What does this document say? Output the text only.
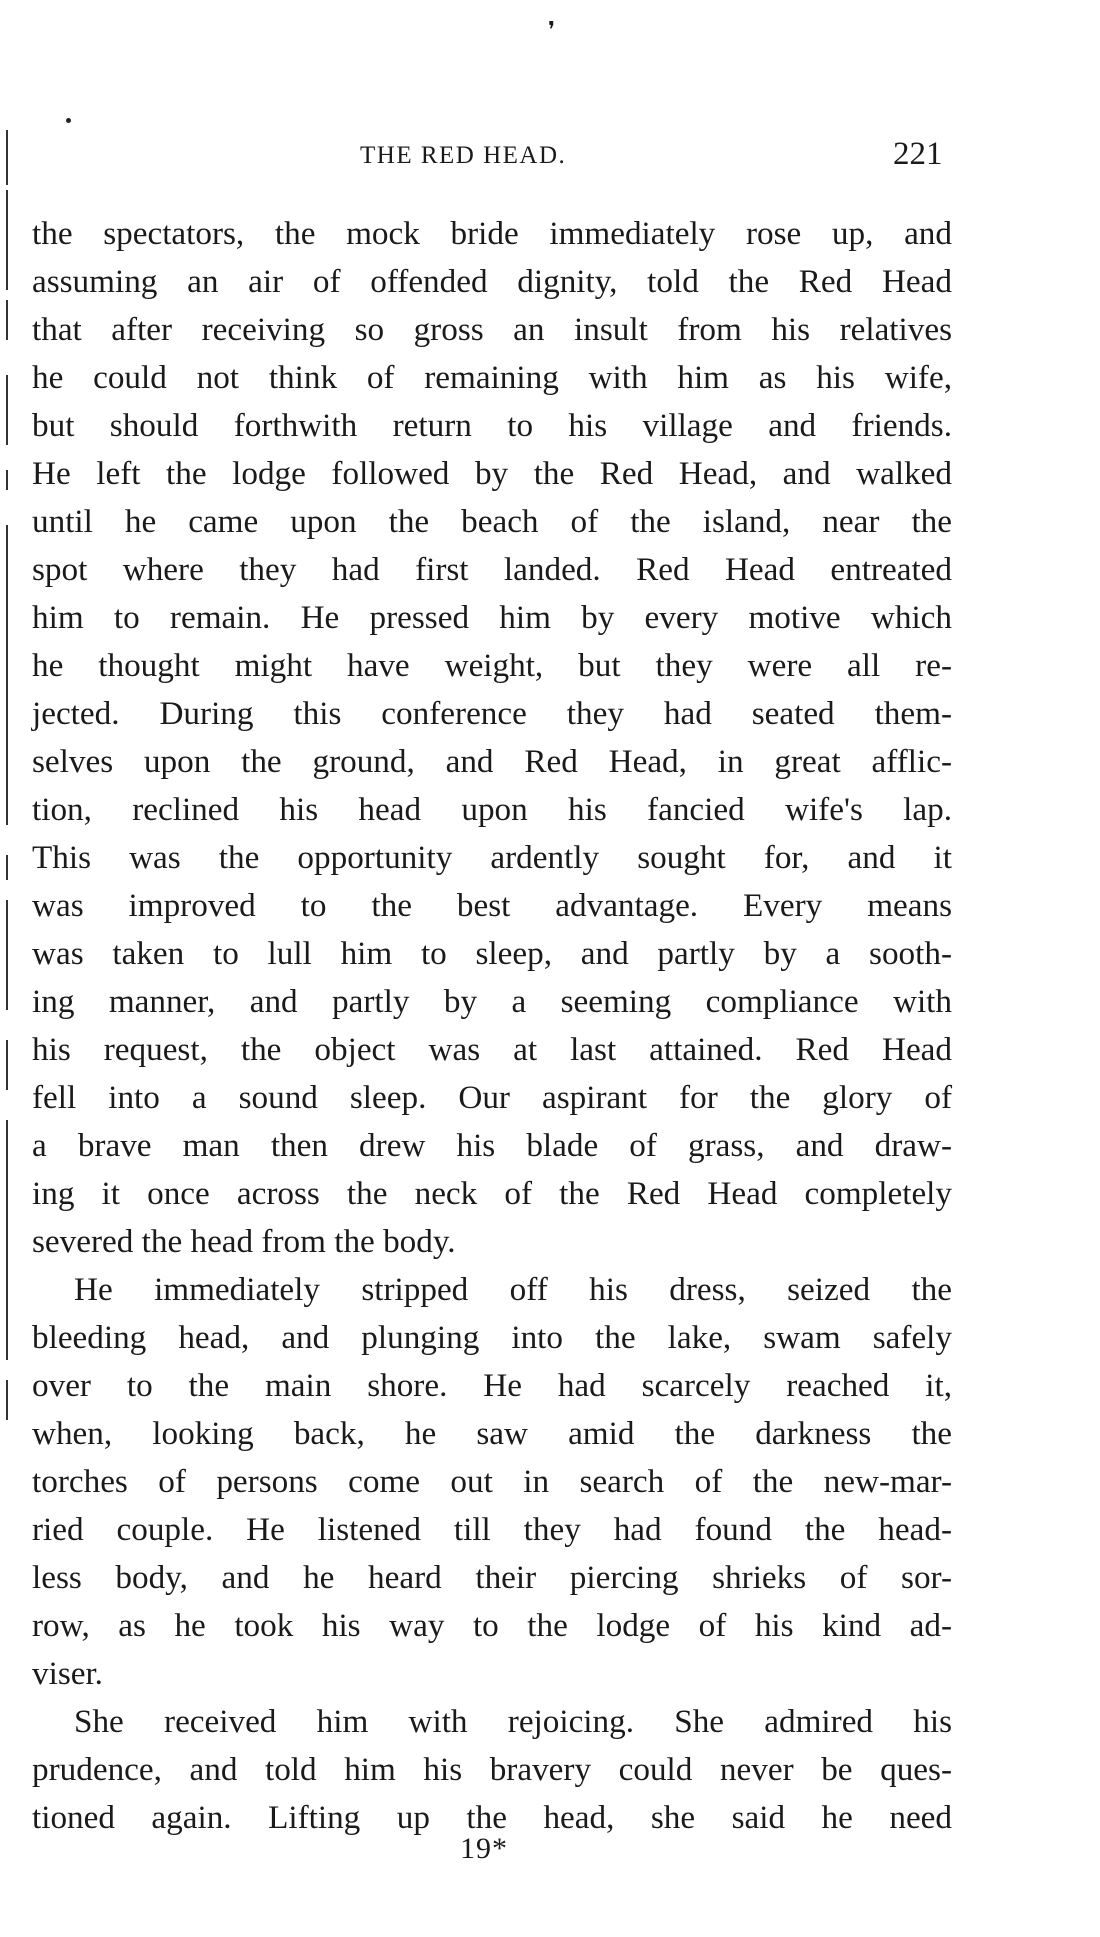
❜
THE RED HEAD.	221
the spectators, the mock bride immediately rose up, and
assuming an air of offended dignity, told the Red Head
that after receiving so gross an insult from his relatives
he could not think of remaining with him as his wife,
but should forthwith return to his village and friends.
He left the lodge followed by the Red Head, and walked
until he came upon the beach of the island, near the
spot where they had first landed. Red Head entreated
him to remain. He pressed him by every motive which
he thought might have weight, but they were all re-
jected. During this conference they had seated them-
selves upon the ground, and Red Head, in great afflic-
tion, reclined his head upon his fancied wife's lap.
This was the opportunity ardently sought for, and it
was improved to the best advantage. Every means
was taken to lull him to sleep, and partly by a sooth-
ing manner, and partly by a seeming compliance with
his request, the object was at last attained. Red Head
fell into a sound sleep. Our aspirant for the glory of
a brave man then drew his blade of grass, and draw-
ing it once across the neck of the Red Head completely
severed the head from the body.
He immediately stripped off his dress, seized the
bleeding head, and plunging into the lake, swam safely
over to the main shore. He had scarcely reached it,
when, looking back, he saw amid the darkness the
torches of persons come out in search of the new-mar-
ried couple. He listened till they had found the head-
less body, and he heard their piercing shrieks of sor-
row, as he took his way to the lodge of his kind ad-
viser.
She received him with rejoicing. She admired his
prudence, and told him his bravery could never be ques-
tioned again. Lifting up the head, she said he need
19*
